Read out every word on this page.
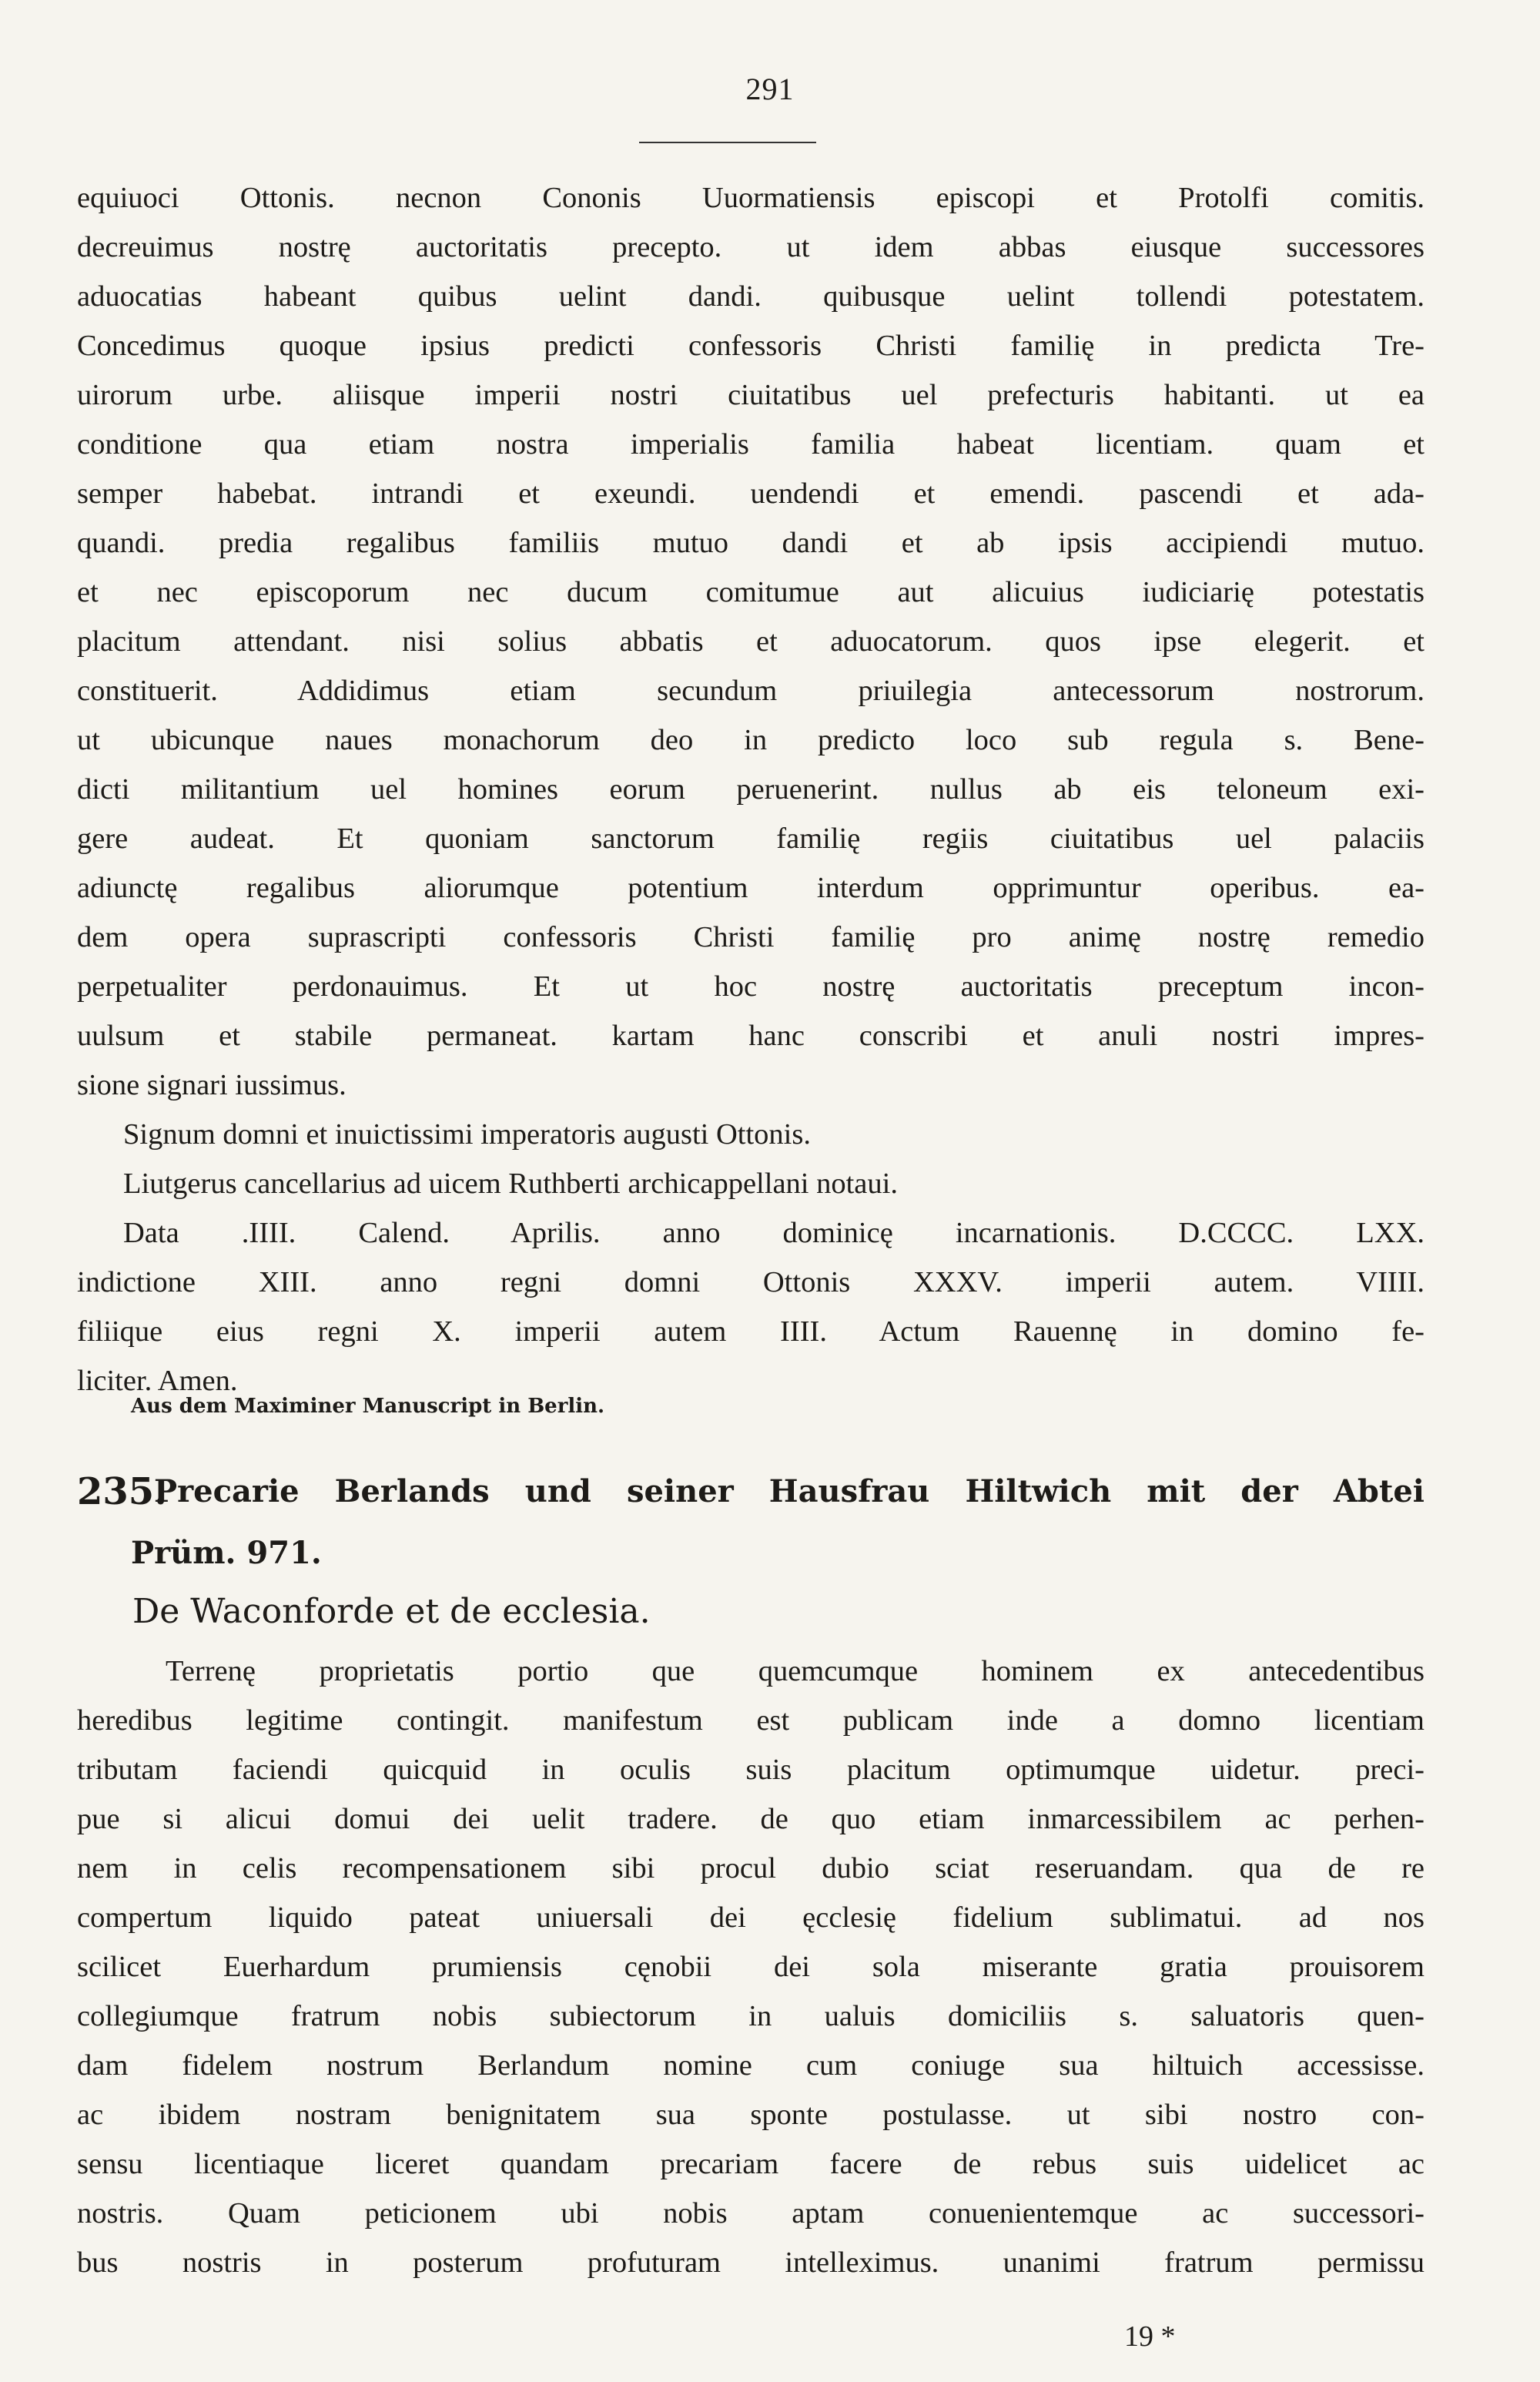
291
equiuoci Ottonis. necnon Cononis Uuormatiensis episcopi et Protolfi comitis.
decreuimus nostrę auctoritatis precepto. ut idem abbas eiusque successores
aduocatias habeant quibus uelint dandi. quibusque uelint tollendi potestatem.
Concedimus quoque ipsius predicti confessoris Christi familię in predicta Tre-
uirorum urbe. aliisque imperii nostri ciuitatibus uel prefecturis habitanti. ut ea
conditione qua etiam nostra imperialis familia habeat licentiam. quam et
semper habebat. intrandi et exeundi. uendendi et emendi. pascendi et ada-
quandi. predia regalibus familiis mutuo dandi et ab ipsis accipiendi mutuo.
et nec episcoporum nec ducum comitumue aut alicuius iudiciarię potestatis
placitum attendant. nisi solius abbatis et aduocatorum. quos ipse elegerit. et
constituerit. Addidimus etiam secundum priuilegia antecessorum nostrorum.
ut ubicunque naues monachorum deo in predicto loco sub regula s. Bene-
dicti militantium uel homines eorum peruenerint. nullus ab eis teloneum exi-
gere audeat. Et quoniam sanctorum familię regiis ciuitatibus uel palaciis
adiunctę regalibus aliorumque potentium interdum opprimuntur operibus. ea-
dem opera suprascripti confessoris Christi familię pro animę nostrę remedio
perpetualiter perdonauimus. Et ut hoc nostrę auctoritatis preceptum incon-
uulsum et stabile permaneat. kartam hanc conscribi et anuli nostri impres-
sione signari iussimus.
Signum domni et inuictissimi imperatoris augusti Ottonis.
Liutgerus cancellarius ad uicem Ruthberti archicappellani notaui.
Data .IIII. Calend. Aprilis. anno dominicę incarnationis. D.CCCC. LXX.
indictione XIII. anno regni domni Ottonis XXXV. imperii autem. VIIII.
filiique eius regni X. imperii autem IIII. Actum Rauennę in domino fe-
liciter. Amen.
Aus dem Maximiner Manuscript in Berlin.
235.
Precarie Berlands und seiner Hausfrau Hiltwich mit der Abtei
Prüm. 971.
De Waconforde et de ecclesia.
Terrenę proprietatis portio que quemcumque hominem ex antecedentibus
heredibus legitime contingit. manifestum est publicam inde a domno licentiam
tributam faciendi quicquid in oculis suis placitum optimumque uidetur. preci-
pue si alicui domui dei uelit tradere. de quo etiam inmarcessibilem ac perhen-
nem in celis recompensationem sibi procul dubio sciat reseruandam. qua de re
compertum liquido pateat uniuersali dei ęcclesię fidelium sublimatui. ad nos
scilicet Euerhardum prumiensis cęnobii dei sola miserante gratia prouisorem
collegiumque fratrum nobis subiectorum in ualuis domiciliis s. saluatoris quen-
dam fidelem nostrum Berlandum nomine cum coniuge sua hiltuich accessisse.
ac ibidem nostram benignitatem sua sponte postulasse. ut sibi nostro con-
sensu licentiaque liceret quandam precariam facere de rebus suis uidelicet ac
nostris. Quam peticionem ubi nobis aptam conuenientemque ac successori-
bus nostris in posterum profuturam intelleximus. unanimi fratrum permissu
19 *
